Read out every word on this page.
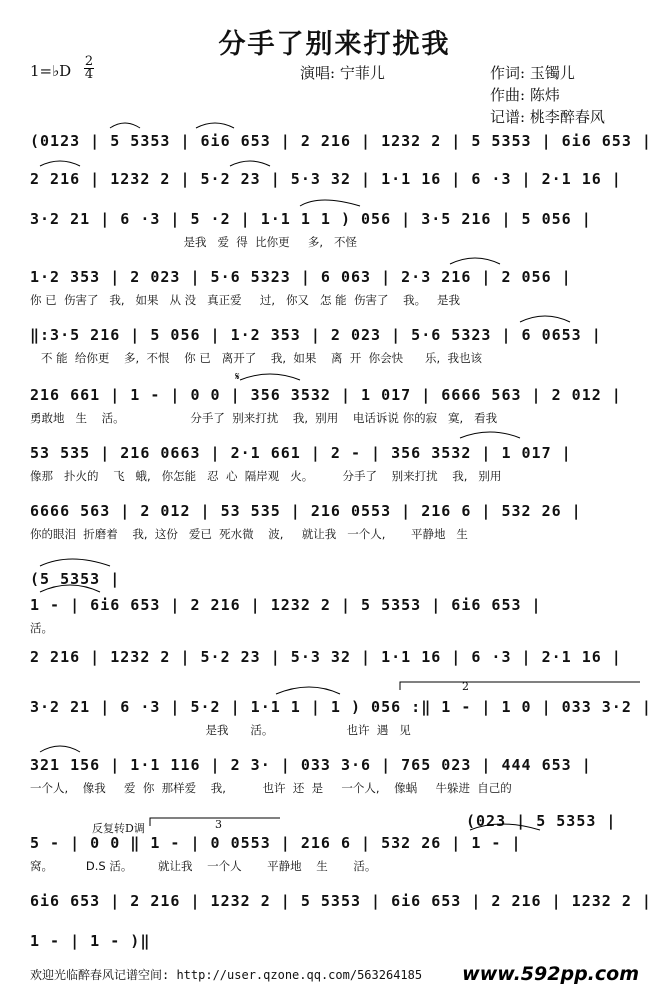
分手了别来打扰我
1=♭D
2
4	演唱: 宁菲儿	作词: 玉镯儿
作曲: 陈炜
记谱: 桃李醉春风
(0123 | 5 5353 | 6i6 653 | 2 216 | 1232 2 | 5 5353 | 6i6 653 |
2 216 | 1232 2 | 5·2 23 | 5·3 32 | 1·1 16 | 6 ·3 | 2·1 16 |
3·2 21 | 6 ·3 | 5 ·2 | 1·1 1 1 ) 056 | 3·5 216 | 5 056 |
是我   爱  得  比你更     多,   不怪
1·2 353 | 2 023 | 5·6 5323 | 6 063 | 2·3 216 | 2 056 |
你 已  伤害了   我,   如果   从 没   真正爱     过,   你又   怎 能  伤害了    我。   是我
‖:3·5 216 | 5 056 | 1·2 353 | 2 023 | 5·6 5323 | 6 0653 |
不 能  给你更    多,  不恨    你 已   离开了    我,  如果    离  开  你会快      乐,  我也该
𝄋
216 661 | 1 - | 0 0 | 356 3532 | 1 017 | 6666 563 | 2 012 |
勇敢地   生    活。                  分手了  别来打扰    我,  别用    电话诉说 你的寂   寞,   看我
53 535 | 216 0663 | 2·1 661 | 2 - | 356 3532 | 1 017 |
像那   扑火的    飞   蛾,   你怎能   忍  心  隔岸观   火。        分手了    别来打扰    我,   别用
6666 563 | 2 012 | 53 535 | 216 0553 | 216 6 | 532 26 |
你的眼泪  折磨着    我,  这份   爱已  死水微    波,     就让我   一个人,       平静地   生
(5 5353 |
1 - | 6i6 653 | 2 216 | 1232 2 | 5 5353 | 6i6 653 |
活。
2 216 | 1232 2 | 5·2 23 | 5·3 32 | 1·1 16 | 6 ·3 | 2·1 16 |
2
3·2 21 | 6 ·3 | 5·2 | 1·1 1 | 1 ) 056 :‖ 1 - | 1 0 | 033 3·2 |
是我      活。                    也许  遇   见
321 156 | 1·1 116 | 2 3· | 033 3·6 | 765 023 | 444 653 |
一个人,    像我     爱  你  那样爱    我,          也许  还  是     一个人,    像蜗     牛躲进  自己的
反复转D调	3	(023 | 5 5353 |
5 - | 0 0 ‖ 1 - | 0 0553 | 216 6 | 532 26 | 1 - |
窝。         D.S 活。       就让我    一个人       平静地    生       活。
6i6 653 | 2 216 | 1232 2 | 5 5353 | 6i6 653 | 2 216 | 1232 2 |
1 - | 1 - )‖
欢迎光临醉春风记谱空间: http://user.qzone.qq.com/563264185 www.592pp.com
